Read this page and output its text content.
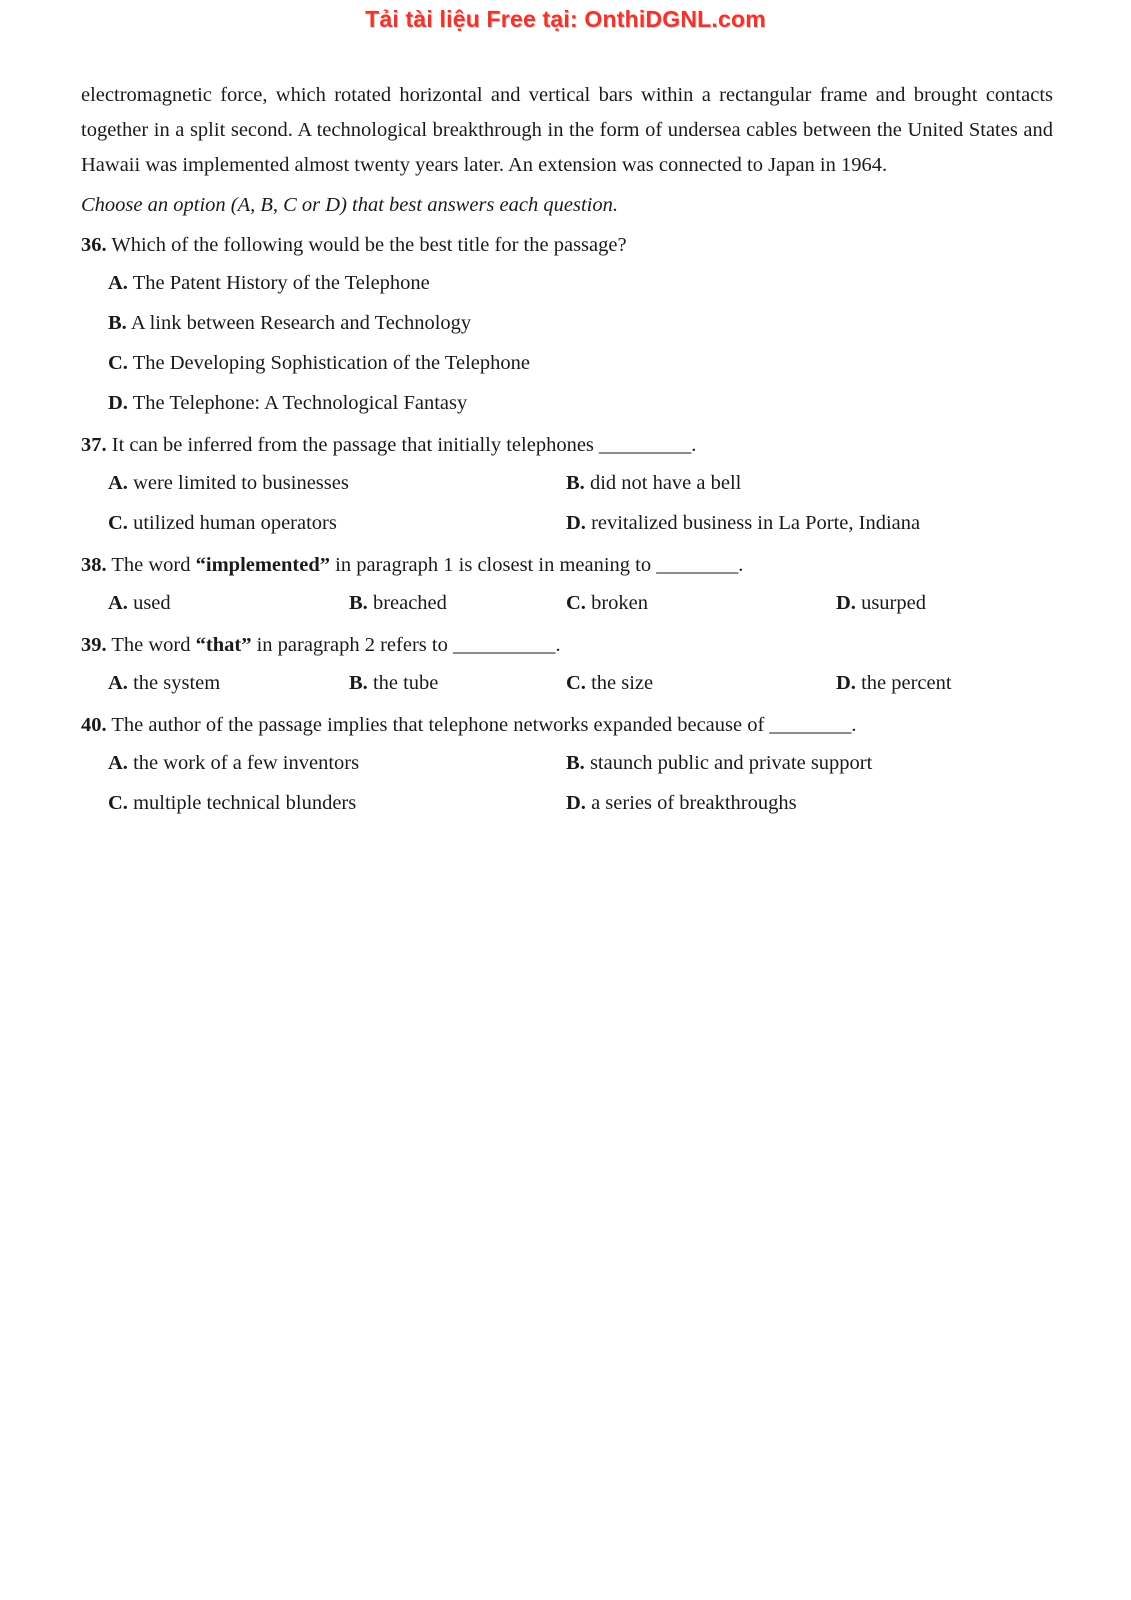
Tải tài liệu Free tại: OnthiDGNL.com

electromagnetic force, which rotated horizontal and vertical bars within a rectangular frame and brought contacts together in a split second. A technological breakthrough in the form of undersea cables between the United States and Hawaii was implemented almost twenty years later. An extension was connected to Japan in 1964.

Choose an option (A, B, C or D) that best answers each question.
36. Which of the following would be the best title for the passage?
A. The Patent History of the Telephone
B. A link between Research and Technology
C. The Developing Sophistication of the Telephone
D. The Telephone: A Technological Fantasy
37. It can be inferred from the passage that initially telephones _________.
A. were limited to businesses	B. did not have a bell
C. utilized human operators	D. revitalized business in La Porte, Indiana
38. The word “implemented” in paragraph 1 is closest in meaning to ________.
A. used	B. breached	C. broken	D. usurped
39. The word “that” in paragraph 2 refers to __________.
A. the system	B. the tube	C. the size	D. the percent
40. The author of the passage implies that telephone networks expanded because of ________.
A. the work of a few inventors	B. staunch public and private support
C. multiple technical blunders	D. a series of breakthroughs
